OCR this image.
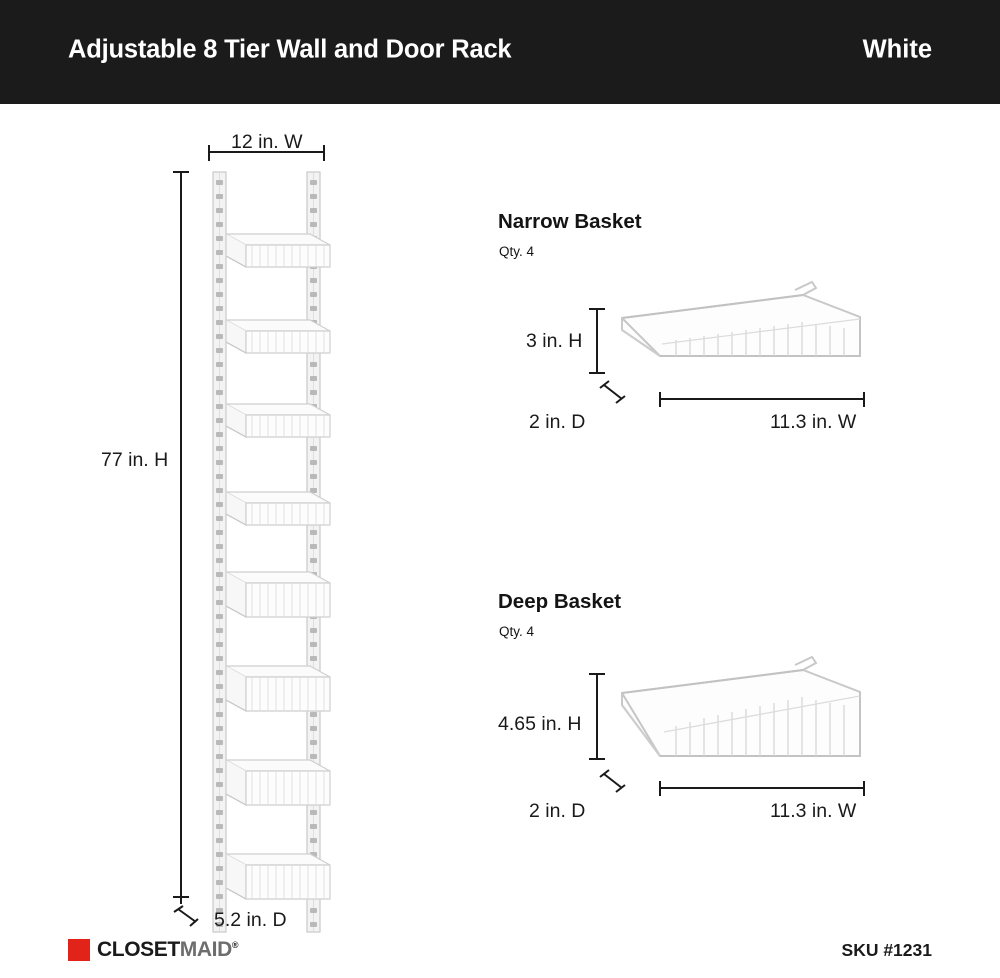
Adjustable 8 Tier Wall and Door Rack	White
12 in. W
77 in. H
5.2 in. D
Narrow Basket
Qty. 4
3 in. H
2 in. D	11.3 in. W
Deep Basket
Qty. 4
4.65 in. H
2 in. D	11.3 in. W
CLOSETMAID®	SKU #1231
